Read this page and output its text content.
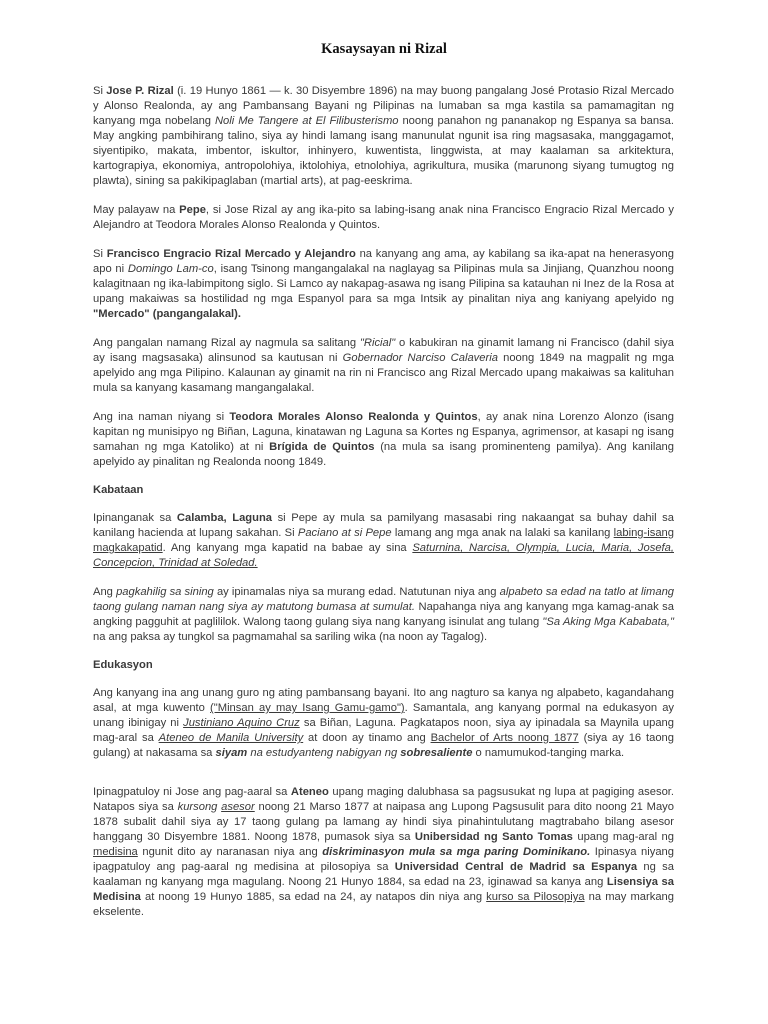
Kasaysayan ni Rizal

Si Jose P. Rizal (i. 19 Hunyo 1861 — k. 30 Disyembre 1896) na may buong pangalang José Protasio Rizal Mercado y Alonso Realonda, ay ang Pambansang Bayani ng Pilipinas na lumaban sa mga kastila sa pamamagitan ng kanyang mga nobelang Noli Me Tangere at El Filibusterismo noong panahon ng pananakop ng Espanya sa bansa. May angking pambihirang talino, siya ay hindi lamang isang manunulat ngunit isa ring magsasaka, manggagamot, siyentipiko, makata, imbentor, iskultor, inhinyero, kuwentista, linggwista, at may kaalaman sa arkitektura, kartograpiya, ekonomiya, antropolohiya, iktolohiya, etnolohiya, agrikultura, musika (marunong siyang tumugtog ng plawta), sining sa pakikipaglaban (martial arts), at pag-eeskrima.

May palayaw na Pepe, si Jose Rizal ay ang ika-pito sa labing-isang anak nina Francisco Engracio Rizal Mercado y Alejandro at Teodora Morales Alonso Realonda y Quintos.

Si Francisco Engracio Rizal Mercado y Alejandro na kanyang ang ama, ay kabilang sa ika-apat na henerasyong apo ni Domingo Lam-co, isang Tsinong mangangalakal na naglayag sa Pilipinas mula sa Jinjiang, Quanzhou noong kalagitnaan ng ika-labimpitong siglo. Si Lamco ay nakapag-asawa ng isang Pilipina sa katauhan ni Inez de la Rosa at upang makaiwas sa hostilidad ng mga Espanyol para sa mga Intsik ay pinalitan niya ang kaniyang apelyido ng "Mercado" (pangangalakal).

Ang pangalan namang Rizal ay nagmula sa salitang "Ricial" o kabukiran na ginamit lamang ni Francisco (dahil siya ay isang magsasaka) alinsunod sa kautusan ni Gobernador Narciso Calaveria noong 1849 na magpalit ng mga apelyido ang mga Pilipino. Kalaunan ay ginamit na rin ni Francisco ang Rizal Mercado upang makaiwas sa kalituhan mula sa kanyang kasamang mangangalakal.

Ang ina naman niyang si Teodora Morales Alonso Realonda y Quintos, ay anak nina Lorenzo Alonzo (isang kapitan ng munisipyo ng Biñan, Laguna, kinatawan ng Laguna sa Kortes ng Espanya, agrimensor, at kasapi ng isang samahan ng mga Katoliko) at ni Brígida de Quintos (na mula sa isang prominenteng pamilya). Ang kanilang apelyido ay pinalitan ng Realonda noong 1849.

Kabataan

Ipinanganak sa Calamba, Laguna si Pepe ay mula sa pamilyang masasabi ring nakaangat sa buhay dahil sa kanilang hacienda at lupang sakahan. Si Paciano at si Pepe lamang ang mga anak na lalaki sa kanilang labing-isang magkakapatid. Ang kanyang mga kapatid na babae ay sina Saturnina, Narcisa, Olympia, Lucia, Maria, Josefa, Concepcion, Trinidad at Soledad.

Ang pagkahilig sa sining ay ipinamalas niya sa murang edad. Natutunan niya ang alpabeto sa edad na tatlo at limang taong gulang naman nang siya ay matutong bumasa at sumulat. Napahanga niya ang kanyang mga kamag-anak sa angking pagguhit at paglililok. Walong taong gulang siya nang kanyang isinulat ang tulang "Sa Aking Mga Kababata," na ang paksa ay tungkol sa pagmamahal sa sariling wika (na noon ay Tagalog).

Edukasyon

Ang kanyang ina ang unang guro ng ating pambansang bayani. Ito ang nagturo sa kanya ng alpabeto, kagandahang asal, at mga kuwento ("Minsan ay may Isang Gamu-gamo"). Samantala, ang kanyang pormal na edukasyon ay unang ibinigay ni Justiniano Aquino Cruz sa Biñan, Laguna. Pagkatapos noon, siya ay ipinadala sa Maynila upang mag-aral sa Ateneo de Manila University at doon ay tinamo ang Bachelor of Arts noong 1877 (siya ay 16 taong gulang) at nakasama sa siyam na estudyanteng nabigyan ng sobresaliente o namumukod-tanging marka.

Ipinagpatuloy ni Jose ang pag-aaral sa Ateneo upang maging dalubhasa sa pagsusukat ng lupa at pagiging asesor. Natapos siya sa kursong asesor noong 21 Marso 1877 at naipasa ang Lupong Pagsusulit para dito noong 21 Mayo 1878 subalit dahil siya ay 17 taong gulang pa lamang ay hindi siya pinahintulutang magtrabaho bilang asesor hanggang 30 Disyembre 1881. Noong 1878, pumasok siya sa Unibersidad ng Santo Tomas upang mag-aral ng medisina ngunit dito ay naranasan niya ang diskriminasyon mula sa mga paring Dominikano. Ipinasya niyang ipagpatuloy ang pag-aaral ng medisina at pilosopiya sa Universidad Central de Madrid sa Espanya ng sa kaalaman ng kanyang mga magulang. Noong 21 Hunyo 1884, sa edad na 23, iginawad sa kanya ang Lisensiya sa Medisina at noong 19 Hunyo 1885, sa edad na 24, ay natapos din niya ang kurso sa Pilosopiya na may markang ekselente.
